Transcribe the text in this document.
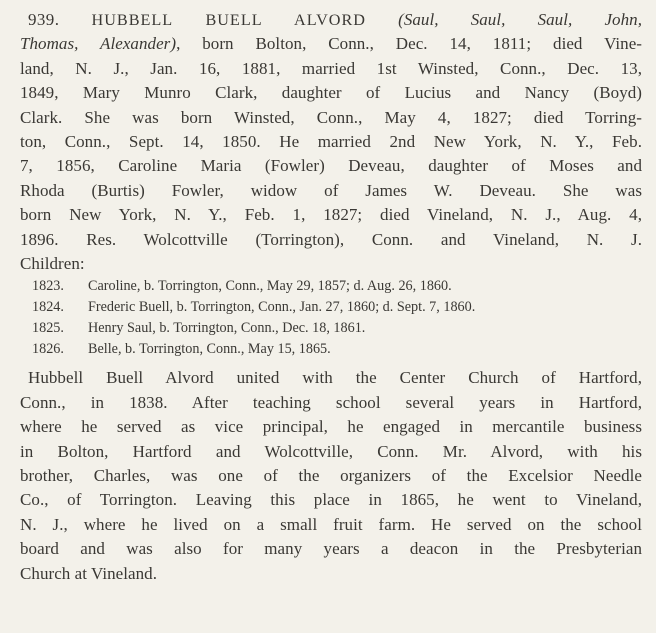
939. HUBBELL BUELL ALVORD (Saul, Saul, Saul, John,
Thomas, Alexander), born Bolton, Conn., Dec. 14, 1811; died Vine-
land, N. J., Jan. 16, 1881, married 1st Winsted, Conn., Dec. 13,
1849, Mary Munro Clark, daughter of Lucius and Nancy (Boyd)
Clark. She was born Winsted, Conn., May 4, 1827; died Torring-
ton, Conn., Sept. 14, 1850. He married 2nd New York, N. Y., Feb.
7, 1856, Caroline Maria (Fowler) Deveau, daughter of Moses and
Rhoda (Burtis) Fowler, widow of James W. Deveau. She was
born New York, N. Y., Feb. 1, 1827; died Vineland, N. J., Aug. 4,
1896. Res. Wolcottville (Torrington), Conn. and Vineland, N. J.
Children:
1823.	Caroline, b. Torrington, Conn., May 29, 1857; d. Aug. 26, 1860.
1824.	Frederic Buell, b. Torrington, Conn., Jan. 27, 1860; d. Sept. 7, 1860.
1825.	Henry Saul, b. Torrington, Conn., Dec. 18, 1861.
1826.	Belle, b. Torrington, Conn., May 15, 1865.
Hubbell Buell Alvord united with the Center Church of Hartford,
Conn., in 1838. After teaching school several years in Hartford,
where he served as vice principal, he engaged in mercantile business
in Bolton, Hartford and Wolcottville, Conn. Mr. Alvord, with his
brother, Charles, was one of the organizers of the Excelsior Needle
Co., of Torrington. Leaving this place in 1865, he went to Vineland,
N. J., where he lived on a small fruit farm. He served on the school
board and was also for many years a deacon in the Presbyterian
Church at Vineland.
